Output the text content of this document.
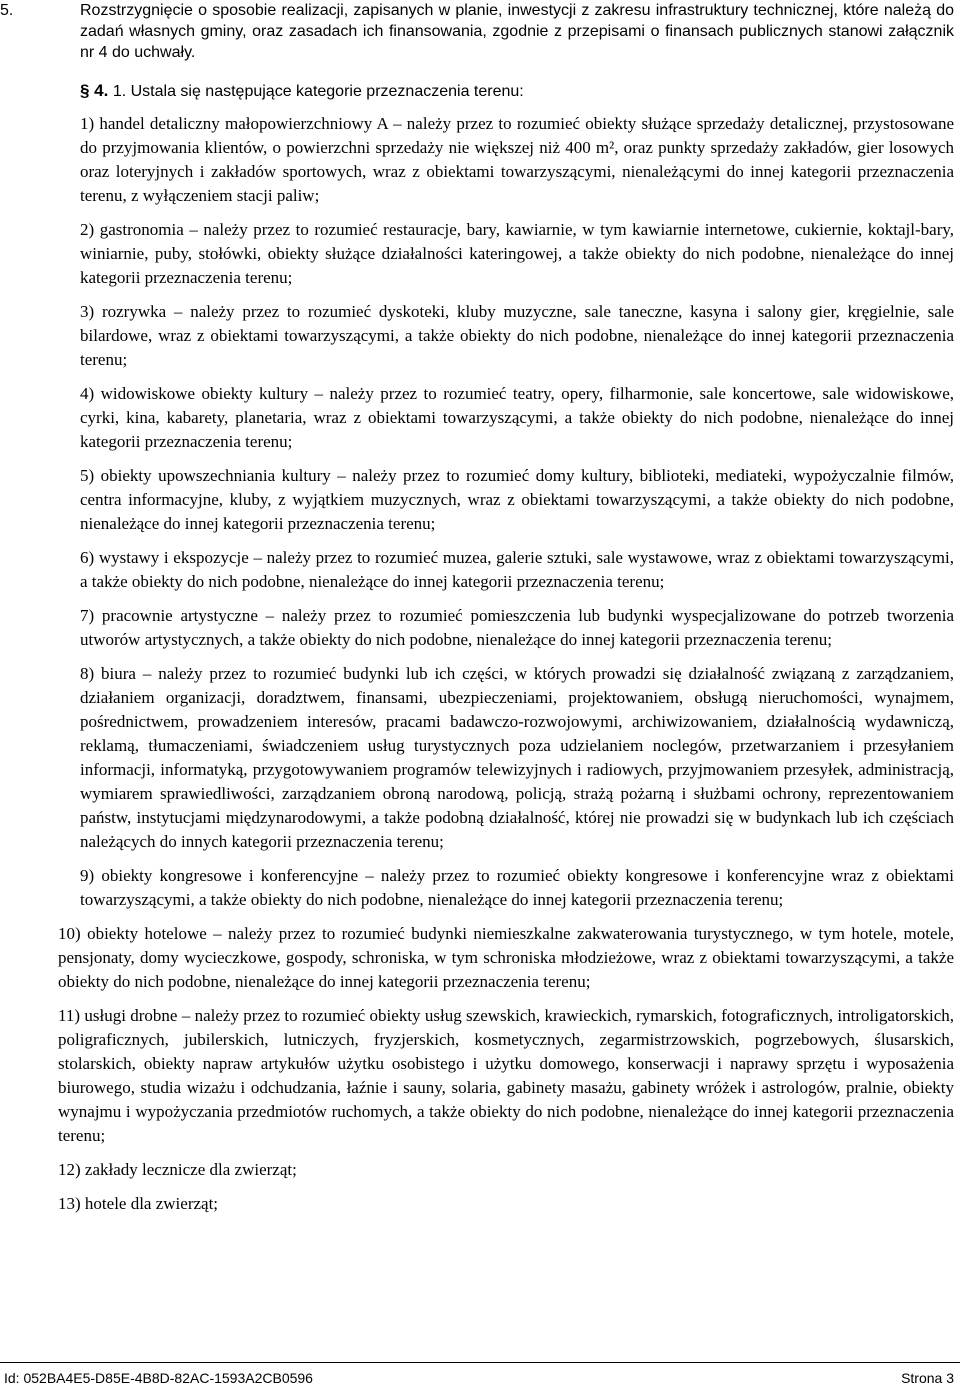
5.	Rozstrzygnięcie o sposobie realizacji, zapisanych w planie, inwestycji z zakresu infrastruktury technicznej, które należą do zadań własnych gminy, oraz zasadach ich finansowania, zgodnie z przepisami o finansach publicznych stanowi załącznik nr 4 do uchwały.
§ 4. 1. Ustala się następujące kategorie przeznaczenia terenu:
1) handel detaliczny małopowierzchniowy A – należy przez to rozumieć obiekty służące sprzedaży detalicznej, przystosowane do przyjmowania klientów, o powierzchni sprzedaży nie większej niż 400 m², oraz punkty sprzedaży zakładów, gier losowych oraz loteryjnych i zakładów sportowych, wraz z obiektami towarzyszącymi, nienależącymi do innej kategorii przeznaczenia terenu, z wyłączeniem stacji paliw;
2) gastronomia – należy przez to rozumieć restauracje, bary, kawiarnie, w tym kawiarnie internetowe, cukiernie, koktajl-bary, winiarnie, puby, stołówki, obiekty służące działalności kateringowej, a także obiekty do nich podobne, nienależące do innej kategorii przeznaczenia terenu;
3) rozrywka – należy przez to rozumieć dyskoteki, kluby muzyczne, sale taneczne, kasyna i salony gier, kręgielnie, sale bilardowe, wraz z obiektami towarzyszącymi, a także obiekty do nich podobne, nienależące do innej kategorii przeznaczenia terenu;
4) widowiskowe obiekty kultury – należy przez to rozumieć teatry, opery, filharmonie, sale koncertowe, sale widowiskowe, cyrki, kina, kabarety, planetaria, wraz z obiektami towarzyszącymi, a także obiekty do nich podobne, nienależące do innej kategorii przeznaczenia terenu;
5) obiekty upowszechniania kultury – należy przez to rozumieć domy kultury, biblioteki, mediateki, wypożyczalnie filmów, centra informacyjne, kluby, z wyjątkiem muzycznych, wraz z obiektami towarzyszącymi, a także obiekty do nich podobne, nienależące do innej kategorii przeznaczenia terenu;
6) wystawy i ekspozycje – należy przez to rozumieć muzea, galerie sztuki, sale wystawowe, wraz z obiektami towarzyszącymi, a także obiekty do nich podobne, nienależące do innej kategorii przeznaczenia terenu;
7) pracownie artystyczne – należy przez to rozumieć pomieszczenia lub budynki wyspecjalizowane do potrzeb tworzenia utworów artystycznych, a także obiekty do nich podobne, nienależące do innej kategorii przeznaczenia terenu;
8) biura – należy przez to rozumieć budynki lub ich części, w których prowadzi się działalność związaną z zarządzaniem, działaniem organizacji, doradztwem, finansami, ubezpieczeniami, projektowaniem, obsługą nieruchomości, wynajmem, pośrednictwem, prowadzeniem interesów, pracami badawczo-rozwojowymi, archiwizowaniem, działalnością wydawniczą, reklamą, tłumaczeniami, świadczeniem usług turystycznych poza udzielaniem noclegów, przetwarzaniem i przesyłaniem informacji, informatyką, przygotowywaniem programów telewizyjnych i radiowych, przyjmowaniem przesyłek, administracją, wymiarem sprawiedliwości, zarządzaniem obroną narodową, policją, strażą pożarną i służbami ochrony, reprezentowaniem państw, instytucjami międzynarodowymi, a także podobną działalność, której nie prowadzi się w budynkach lub ich częściach należących do innych kategorii przeznaczenia terenu;
9) obiekty kongresowe i konferencyjne – należy przez to rozumieć obiekty kongresowe i konferencyjne wraz z obiektami towarzyszącymi, a także obiekty do nich podobne, nienależące do innej kategorii przeznaczenia terenu;
10) obiekty hotelowe – należy przez to rozumieć budynki niemieszkalne zakwaterowania turystycznego, w tym hotele, motele, pensjonaty, domy wycieczkowe, gospody, schroniska, w tym schroniska młodzieżowe, wraz z obiektami towarzyszącymi, a także obiekty do nich podobne, nienależące do innej kategorii przeznaczenia terenu;
11) usługi drobne – należy przez to rozumieć obiekty usług szewskich, krawieckich, rymarskich, fotograficznych, introligatorskich, poligraficznych, jubilerskich, lutniczych, fryzjerskich, kosmetycznych, zegarmistrzowskich, pogrzebowych, ślusarskich, stolarskich, obiekty napraw artykułów użytku osobistego i użytku domowego, konserwacji i naprawy sprzętu i wyposażenia biurowego, studia wizażu i odchudzania, łaźnie i sauny, solaria, gabinety masażu, gabinety wróżek i astrologów, pralnie, obiekty wynajmu i wypożyczania przedmiotów ruchomych, a także obiekty do nich podobne, nienależące do innej kategorii przeznaczenia terenu;
12) zakłady lecznicze dla zwierząt;
13) hotele dla zwierząt;
Id: 052BA4E5-D85E-4B8D-82AC-1593A2CB0596	Strona 3
